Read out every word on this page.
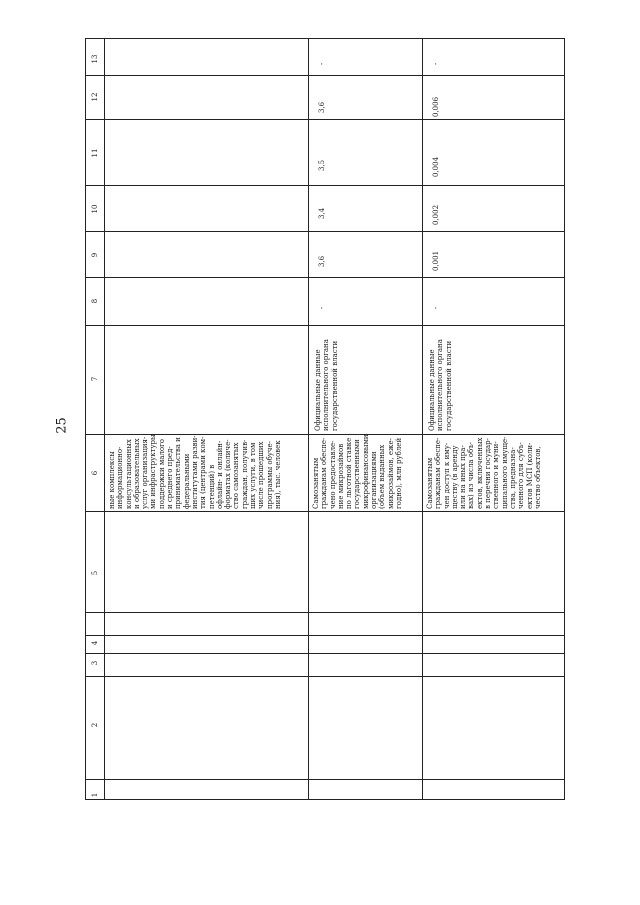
25
1
2
3
4
5
6
7
8
9
10
11
12
13
ные комплексы информационно- консультационных и образовательных услуг организация- ми инфраструктуры поддержки малого и среднего пред- принимательства и федеральными институтами разви- тия (центрами ком- петенций) в офлайн- и онлайн- форматах (количе- ство самозанятых граждан, получив- ших услуги, в том числе прошедших программы обуче- ния), тыс. человек	Самозанятым гражданам обеспе- чено предоставле- ние микрозаймов по льготной ставке государственными микрофинансовыми организациями (объем выданных микрозаймов, еже- годно), млн рублей
Официальные данные исполнительного органа государственной власти
-
3,6
3,4
3,5
3,6
-
Самозанятым гражданам обеспе- чен доступ к иму- ществу (в аренду или на иных пра- вах) из числа объ- ектов, включенных в перечни государ- ственного и муни- ципального имуще- ства, предназна- ченного для субъ- ектов МСП (коли- чество объектов,
Официальные данные исполнительного органа государственной власти
-
0,001
0,002
0,004
0,006
-
